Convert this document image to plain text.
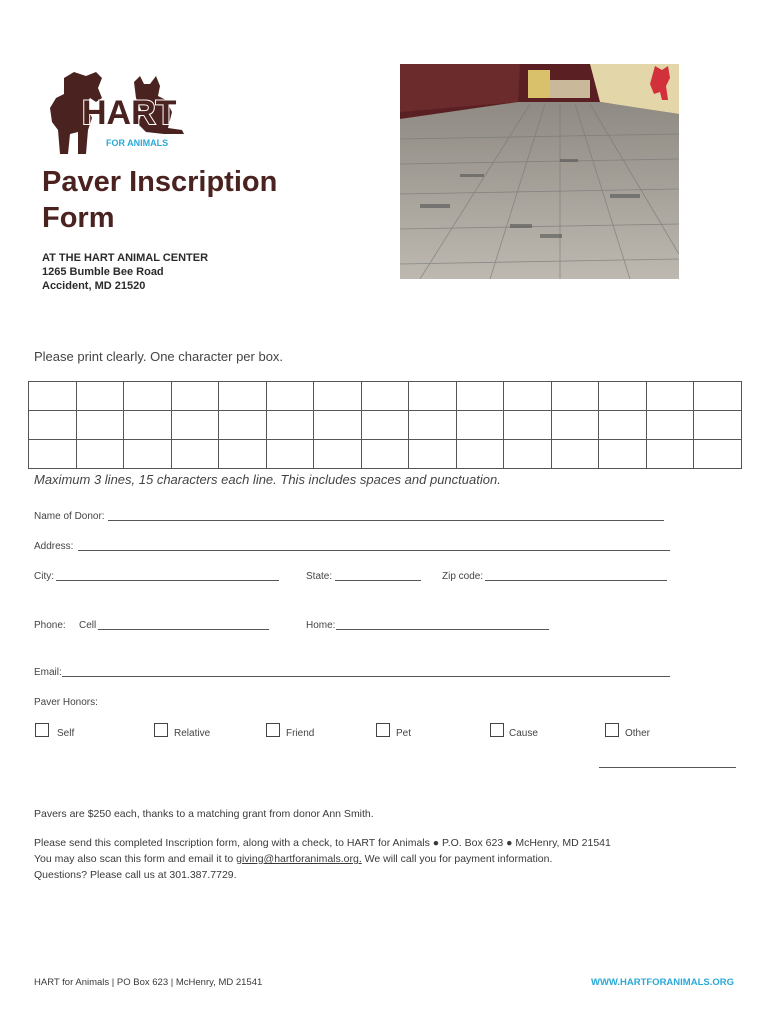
HART
FOR ANIMALS
Paver Inscription
Form
AT THE HART ANIMAL CENTER
1265 Bumble Bee Road
Accident, MD 21520
Please print clearly. One character per box.

Maximum 3 lines, 15 characters each line. This includes spaces and punctuation.
Name of Donor:
Address:
City:	State:	Zip code:
Phone: Cell	Home:
Email:
Paver Honors:
Self	Relative	Friend	Pet	Cause	Other
Pavers are $250 each, thanks to a matching grant from donor Ann Smith.
Please send this completed Inscription form, along with a check, to HART for Animals ● P.O. Box 623 ● McHenry, MD 21541
You may also scan this form and email it to giving@hartforanimals.org. We will call you for payment information.
Questions? Please call us at 301.387.7729.
HART for Animals | PO Box 623 | McHenry, MD 21541	WWW.HARTFORANIMALS.ORG
